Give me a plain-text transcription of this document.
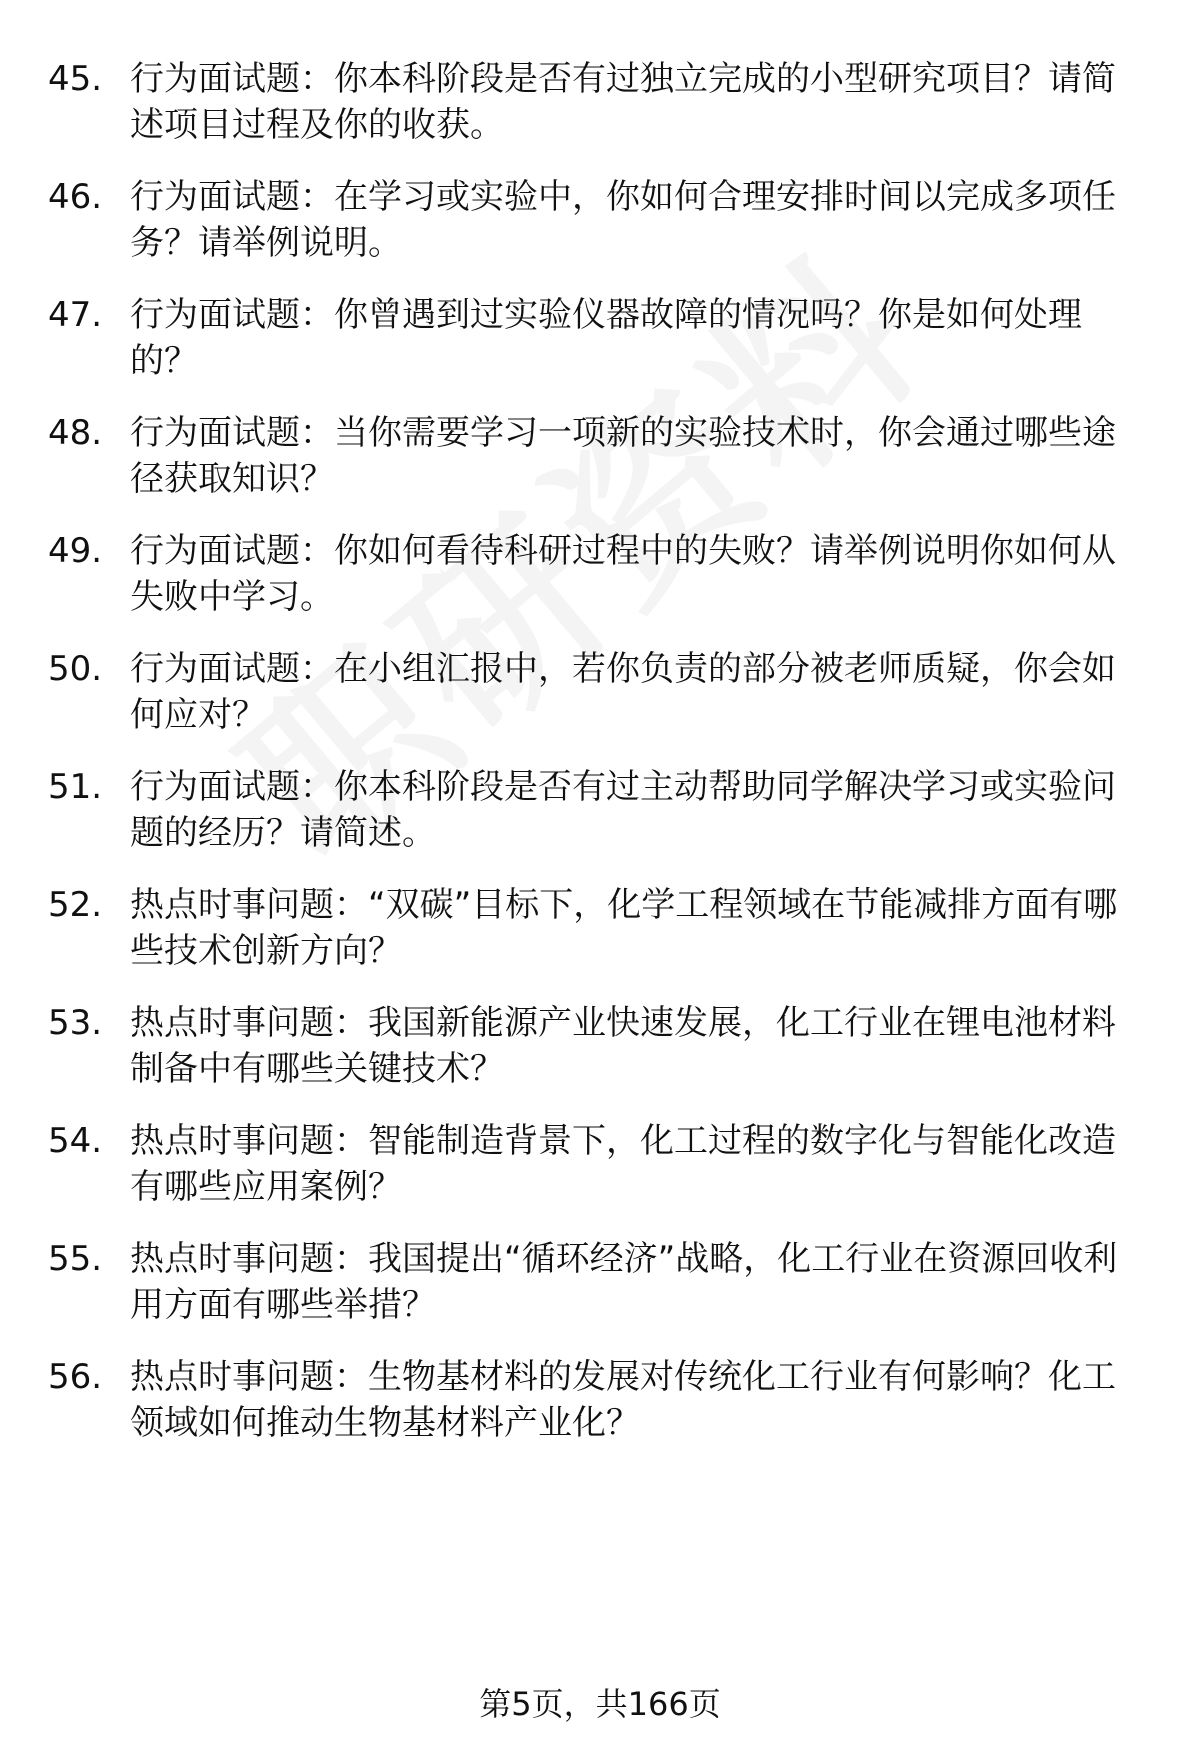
45. 行为面试题：你本科阶段是否有过独立完成的小型研究项目？请简述项目过程及你的收获。
46. 行为面试题：在学习或实验中，你如何合理安排时间以完成多项任务？请举例说明。
47. 行为面试题：你曾遇到过实验仪器故障的情况吗？你是如何处理的？
48. 行为面试题：当你需要学习一项新的实验技术时，你会通过哪些途径获取知识？
49. 行为面试题：你如何看待科研过程中的失败？请举例说明你如何从失败中学习。
50. 行为面试题：在小组汇报中，若你负责的部分被老师质疑，你会如何应对？
51. 行为面试题：你本科阶段是否有过主动帮助同学解决学习或实验问题的经历？请简述。
52. 热点时事问题：“双碳”目标下，化学工程领域在节能减排方面有哪些技术创新方向？
53. 热点时事问题：我国新能源产业快速发展，化工行业在锂电池材料制备中有哪些关键技术？
54. 热点时事问题：智能制造背景下，化工过程的数字化与智能化改造有哪些应用案例？
55. 热点时事问题：我国提出“循环经济”战略，化工行业在资源回收利用方面有哪些举措？
56. 热点时事问题：生物基材料的发展对传统化工行业有何影响？化工领域如何推动生物基材料产业化？
第5页，共166页
